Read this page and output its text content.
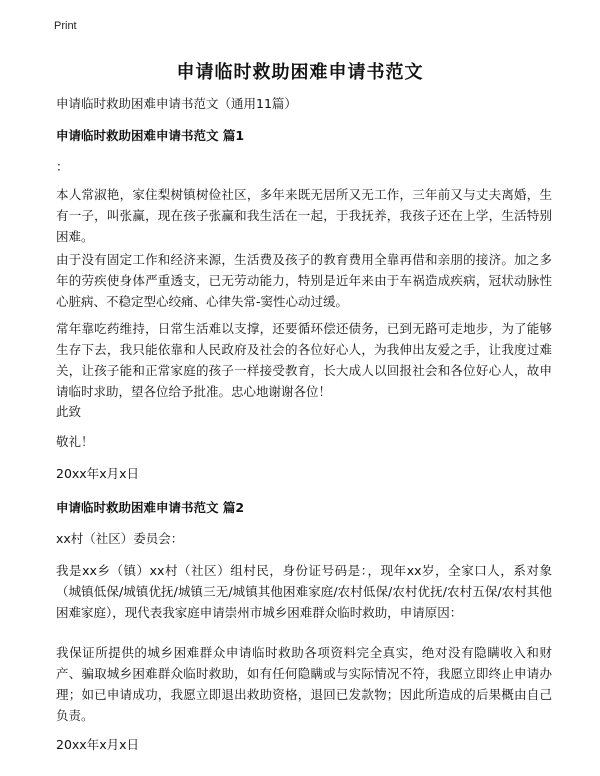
Print
申请临时救助困难申请书范文

申请临时救助困难申请书范文（通用11篇）

申请临时救助困难申请书范文 篇1

：

本人常淑艳，家住梨树镇树俭社区，多年来既无居所又无工作，三年前又与丈夫离婚，生有一子，叫张赢，现在孩子张赢和我生活在一起，于我抚养，我孩子还在上学，生活特别困难。

由于没有固定工作和经济来源，生活费及孩子的教育费用全靠再借和亲朋的接济。加之多年的劳疾使身体严重透支，已无劳动能力，特别是近年来由于车祸造成疾病，冠状动脉性心脏病、不稳定型心绞痛、心律失常-窦性心动过缓。

常年靠吃药维持，日常生活难以支撑，还要循环偿还债务，已到无路可走地步，为了能够生存下去，我只能依靠和人民政府及社会的各位好心人，为我伸出友爱之手，让我度过难关，让孩子能和正常家庭的孩子一样接受教育，长大成人以回报社会和各位好心人，故申请临时求助，望各位给予批准。忠心地谢谢各位！

此致

敬礼！

20xx年x月x日

申请临时救助困难申请书范文 篇2

xx村（社区）委员会：

我是xx乡（镇）xx村（社区）组村民，身份证号码是：，现年xx岁，全家口人，系对象（城镇低保/城镇优抚/城镇三无/城镇其他困难家庭/农村低保/农村优抚/农村五保/农村其他困难家庭），现代表我家庭申请崇州市城乡困难群众临时救助，申请原因：

我保证所提供的城乡困难群众申请临时救助各项资料完全真实，绝对没有隐瞒收入和财产、骗取城乡困难群众临时救助，如有任何隐瞒或与实际情况不符，我愿立即终止申请办理；如已申请成功，我愿立即退出救助资格，退回已发款物；因此所造成的后果概由自己负责。

20xx年x月x日
